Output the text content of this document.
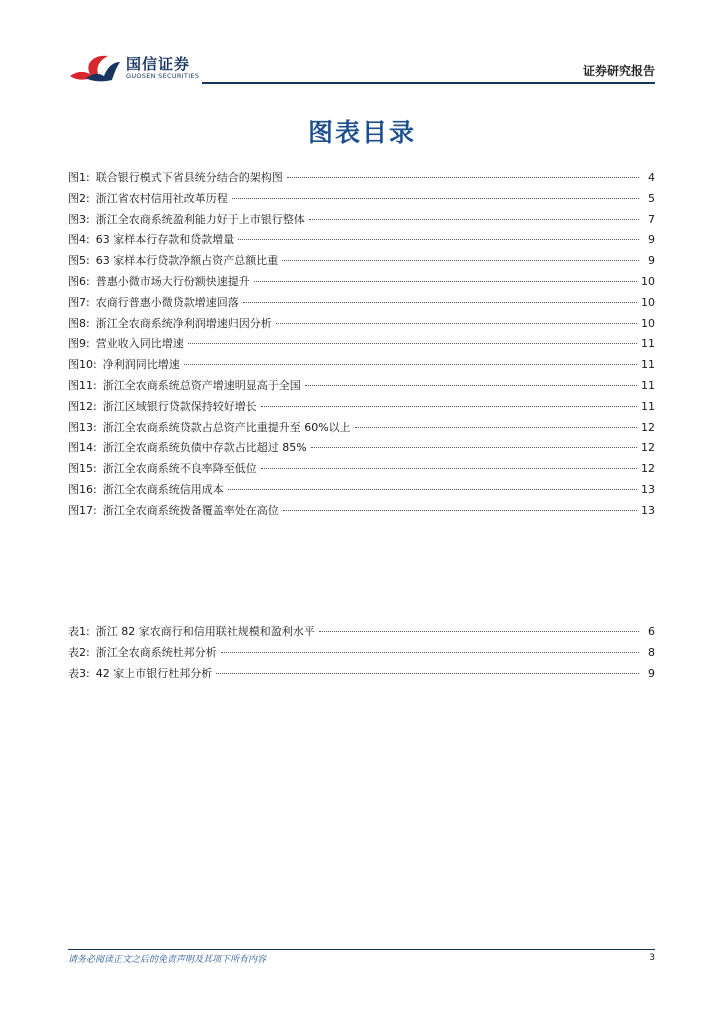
国信证券
GUOSEN SECURITIES	证券研究报告
图表目录
图1: 联合银行模式下省县统分结合的架构图	4
图2: 浙江省农村信用社改革历程	5
图3: 浙江全农商系统盈利能力好于上市银行整体	7
图4: 63 家样本行存款和贷款增量	9
图5: 63 家样本行贷款净额占资产总额比重	9
图6: 普惠小微市场大行份额快速提升	10
图7: 农商行普惠小微贷款增速回落	10
图8: 浙江全农商系统净利润增速归因分析	10
图9: 营业收入同比增速	11
图10: 净利润同比增速	11
图11: 浙江全农商系统总资产增速明显高于全国	11
图12: 浙江区域银行贷款保持较好增长	11
图13: 浙江全农商系统贷款占总资产比重提升至 60%以上	12
图14: 浙江全农商系统负债中存款占比超过 85%	12
图15: 浙江全农商系统不良率降至低位	12
图16: 浙江全农商系统信用成本	13
图17: 浙江全农商系统拨备覆盖率处在高位	13
表1: 浙江 82 家农商行和信用联社规模和盈利水平	6
表2: 浙江全农商系统杜邦分析	8
表3: 42 家上市银行杜邦分析	9
请务必阅读正文之后的免责声明及其项下所有内容	3
